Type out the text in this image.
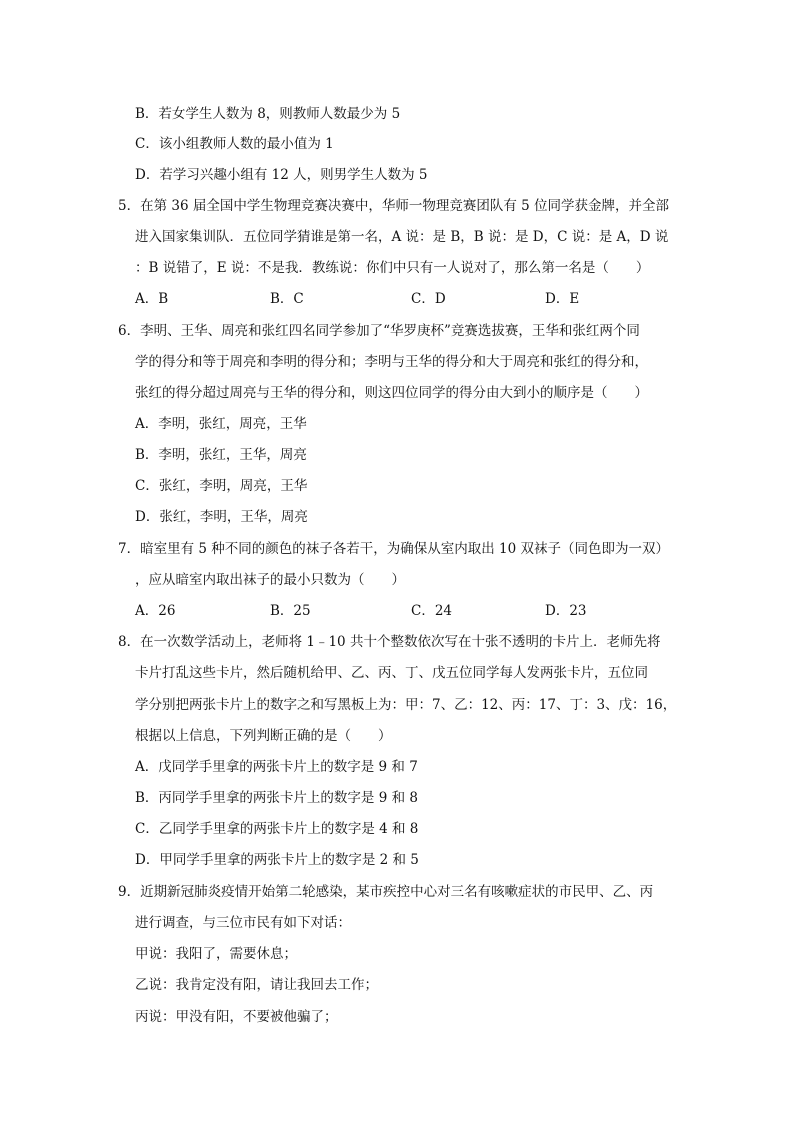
B．若女学生人数为 8，则教师人数最少为 5
C．该小组教师人数的最小值为 1
D．若学习兴趣小组有 12 人，则男学生人数为 5
5．在第 36 届全国中学生物理竞赛决赛中，华师一物理竞赛团队有 5 位同学获金牌，并全部
进入国家集训队．五位同学猜谁是第一名，A 说：是 B，B 说：是 D，C 说：是 A，D 说
：B 说错了，E 说：不是我．教练说：你们中只有一人说对了，那么第一名是（　　）
A．B	B．C	C．D	D．E
6．李明、王华、周亮和张红四名同学参加了“华罗庚杯”竞赛选拔赛，王华和张红两个同
学的得分和等于周亮和李明的得分和；李明与王华的得分和大于周亮和张红的得分和，
张红的得分超过周亮与王华的得分和，则这四位同学的得分由大到小的顺序是（　　）
A．李明，张红，周亮，王华
B．李明，张红，王华，周亮
C．张红，李明，周亮，王华
D．张红，李明，王华，周亮
7．暗室里有 5 种不同的颜色的袜子各若干，为确保从室内取出 10 双袜子（同色即为一双）
，应从暗室内取出袜子的最小只数为（　　）
A．26	B．25	C．24	D．23
8．在一次数学活动上，老师将 1﹣10 共十个整数依次写在十张不透明的卡片上．老师先将
卡片打乱这些卡片，然后随机给甲、乙、丙、丁、戊五位同学每人发两张卡片，五位同
学分别把两张卡片上的数字之和写黑板上为：甲：7、乙：12、丙：17、丁：3、戊：16，
根据以上信息，下列判断正确的是（　　）
A．戊同学手里拿的两张卡片上的数字是 9 和 7
B．丙同学手里拿的两张卡片上的数字是 9 和 8
C．乙同学手里拿的两张卡片上的数字是 4 和 8
D．甲同学手里拿的两张卡片上的数字是 2 和 5
9．近期新冠肺炎疫情开始第二轮感染，某市疾控中心对三名有咳嗽症状的市民甲、乙、丙
进行调查，与三位市民有如下对话：
甲说：我阳了，需要休息；
乙说：我肯定没有阳，请让我回去工作；
丙说：甲没有阳，不要被他骗了；
